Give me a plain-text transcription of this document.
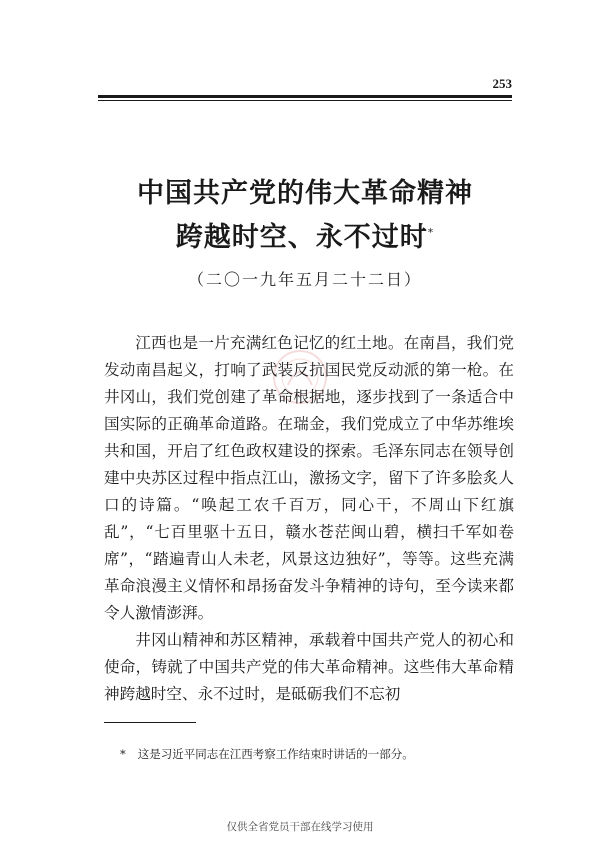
253
中国共产党的伟大革命精神
跨越时空、永不过时*
（二〇一九年五月二十二日）

江西也是一片充满红色记忆的红土地。在南昌，我们党发动南昌起义，打响了武装反抗国民党反动派的第一枪。在井冈山，我们党创建了革命根据地，逐步找到了一条适合中国实际的正确革命道路。在瑞金，我们党成立了中华苏维埃共和国，开启了红色政权建设的探索。毛泽东同志在领导创建中央苏区过程中指点江山，激扬文字，留下了许多脍炙人口的诗篇。“唤起工农千百万，同心干，不周山下红旗乱”，“七百里驱十五日，赣水苍茫闽山碧，横扫千军如卷席”，“踏遍青山人未老，风景这边独好”，等等。这些充满革命浪漫主义情怀和昂扬奋发斗争精神的诗句，至今读来都令人激情澎湃。

井冈山精神和苏区精神，承载着中国共产党人的初心和使命，铸就了中国共产党的伟大革命精神。这些伟大革命精神跨越时空、永不过时，是砥砺我们不忘初

* 这是习近平同志在江西考察工作结束时讲话的一部分。
仅供全省党员干部在线学习使用
